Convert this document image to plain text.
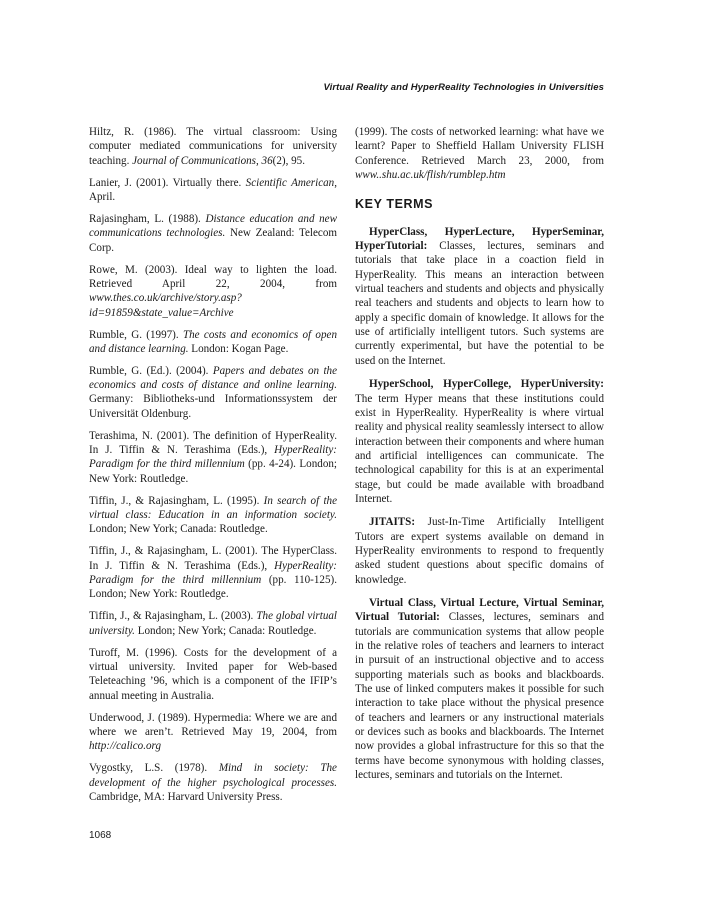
Virtual Reality and HyperReality Technologies in Universities

Hiltz, R. (1986). The virtual classroom: Using computer mediated communications for university teaching. Journal of Communications, 36(2), 95.

Lanier, J. (2001). Virtually there. Scientific American, April.

Rajasingham, L. (1988). Distance education and new communications technologies. New Zealand: Telecom Corp.

Rowe, M. (2003). Ideal way to lighten the load. Retrieved April 22, 2004, from www.thes.co.uk/archive/story.asp?id=91859&state_value=Archive

Rumble, G. (1997). The costs and economics of open and distance learning. London: Kogan Page.

Rumble, G. (Ed.). (2004). Papers and debates on the economics and costs of distance and online learning. Germany: Bibliotheks-und Informationssystem der Universität Oldenburg.

Terashima, N. (2001). The definition of HyperReality. In J. Tiffin & N. Terashima (Eds.), HyperReality: Paradigm for the third millennium (pp. 4-24). London; New York: Routledge.

Tiffin, J., & Rajasingham, L. (1995). In search of the virtual class: Education in an information society. London; New York; Canada: Routledge.

Tiffin, J., & Rajasingham, L. (2001). The HyperClass. In J. Tiffin & N. Terashima (Eds.), HyperReality: Paradigm for the third millennium (pp. 110-125). London; New York: Routledge.

Tiffin, J., & Rajasingham, L. (2003). The global virtual university. London; New York; Canada: Routledge.

Turoff, M. (1996). Costs for the development of a virtual university. Invited paper for Web-based Teleteaching ’96, which is a component of the IFIP’s annual meeting in Australia.

Underwood, J. (1989). Hypermedia: Where we are and where we aren’t. Retrieved May 19, 2004, from http://calico.org

Vygostky, L.S. (1978). Mind in society: The development of the higher psychological processes. Cambridge, MA: Harvard University Press.

(1999). The costs of networked learning: what have we learnt? Paper to Sheffield Hallam University FLISH Conference. Retrieved March 23, 2000, from www..shu.ac.uk/flish/rumblep.htm

KEY TERMS

HyperClass, HyperLecture, HyperSeminar, HyperTutorial: Classes, lectures, seminars and tutorials that take place in a coaction field in HyperReality. This means an interaction between virtual teachers and students and objects and physically real teachers and students and objects to learn how to apply a specific domain of knowledge. It allows for the use of artificially intelligent tutors. Such systems are currently experimental, but have the potential to be used on the Internet.

HyperSchool, HyperCollege, HyperUniversity: The term Hyper means that these institutions could exist in HyperReality. HyperReality is where virtual reality and physical reality seamlessly intersect to allow interaction between their components and where human and artificial intelligences can communicate. The technological capability for this is at an experimental stage, but could be made available with broadband Internet.

JITAITS: Just-In-Time Artificially Intelligent Tutors are expert systems available on demand in HyperReality environments to respond to frequently asked student questions about specific domains of knowledge.

Virtual Class, Virtual Lecture, Virtual Seminar, Virtual Tutorial: Classes, lectures, seminars and tutorials are communication systems that allow people in the relative roles of teachers and learners to interact in pursuit of an instructional objective and to access supporting materials such as books and blackboards. The use of linked computers makes it possible for such interaction to take place without the physical presence of teachers and learners or any instructional materials or devices such as books and blackboards. The Internet now provides a global infrastructure for this so that the terms have become synonymous with holding classes, lectures, seminars and tutorials on the Internet.

1068
